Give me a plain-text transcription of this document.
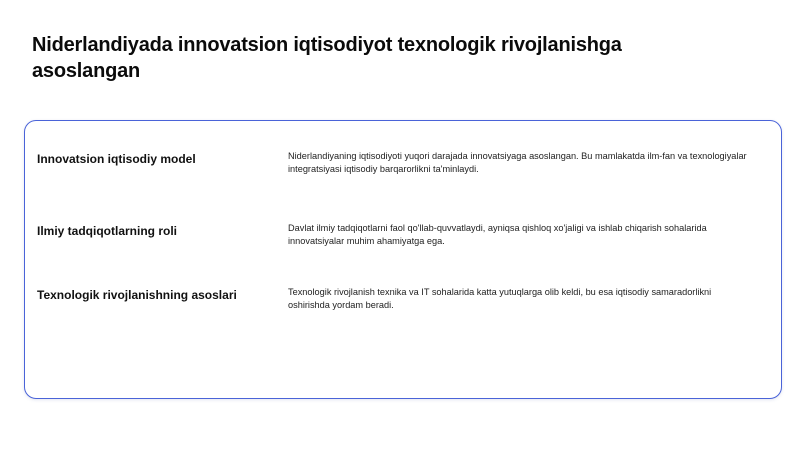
Niderlandiyada innovatsion iqtisodiyot texnologik rivojlanishga asoslangan
Innovatsion iqtisodiy model	Niderlandiyaning iqtisodiyoti yuqori darajada innovatsiyaga asoslangan. Bu mamlakatda ilm-fan va texnologiyalar integratsiyasi iqtisodiy barqarorlikni ta'minlaydi.
Ilmiy tadqiqotlarning roli	Davlat ilmiy tadqiqotlarni faol qo'llab-quvvatlaydi, ayniqsa qishloq xo'jaligi va ishlab chiqarish sohalarida innovatsiyalar muhim ahamiyatga ega.
Texnologik rivojlanishning asoslari	Texnologik rivojlanish texnika va IT sohalarida katta yutuqlarga olib keldi, bu esa iqtisodiy samaradorlikni oshirishda yordam beradi.
